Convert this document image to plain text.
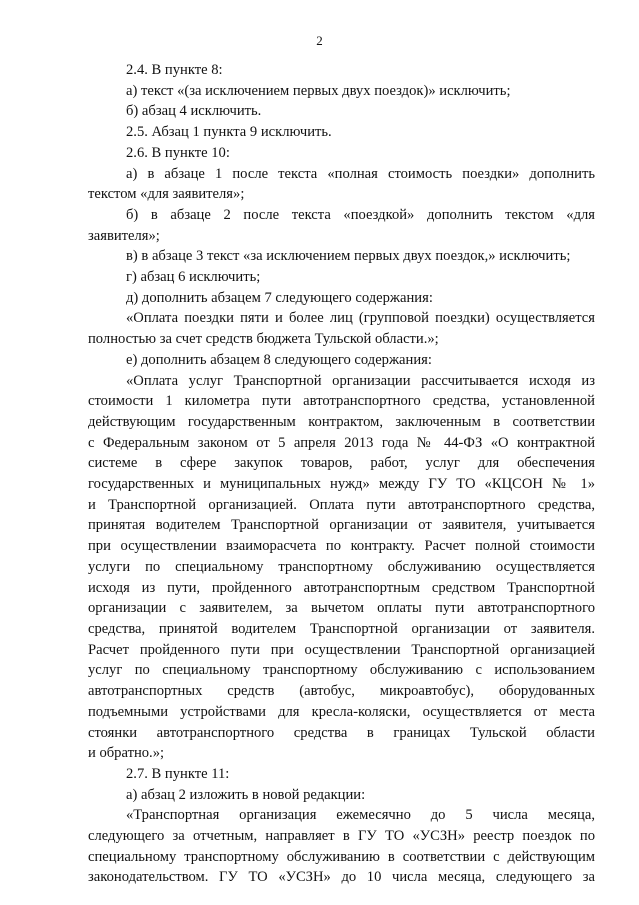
2

2.4. В пункте 8:

а) текст «(за исключением первых двух поездок)» исключить;

б) абзац 4 исключить.

2.5. Абзац 1 пункта 9 исключить.

2.6. В пункте 10:

а) в абзаце 1 после текста «полная стоимость поездки» дополнить

текстом «для заявителя»;

б) в абзаце 2 после текста «поездкой» дополнить текстом «для

заявителя»;

в) в абзаце 3 текст «за исключением первых двух поездок,» исключить;

г) абзац 6 исключить;

д) дополнить абзацем 7 следующего содержания:

«Оплата поездки пяти и более лиц (групповой поездки) осуществляется

полностью за счет средств бюджета Тульской области.»;

е) дополнить абзацем 8 следующего содержания:

«Оплата услуг Транспортной организации рассчитывается исходя из

стоимости 1 километра пути автотранспортного средства, установленной

действующим государственным контрактом, заключенным в соответствии

с Федеральным законом от 5 апреля 2013 года № 44-ФЗ «О контрактной

системе в сфере закупок товаров, работ, услуг для обеспечения

государственных и муниципальных нужд» между ГУ ТО «КЦСОН № 1»

и Транспортной организацией. Оплата пути автотранспортного средства,

принятая водителем Транспортной организации от заявителя, учитывается

при осуществлении взаиморасчета по контракту. Расчет полной стоимости

услуги по специальному транспортному обслуживанию осуществляется

исходя из пути, пройденного автотранспортным средством Транспортной

организации с заявителем, за вычетом оплаты пути автотранспортного

средства, принятой водителем Транспортной организации от заявителя.

Расчет пройденного пути при осуществлении Транспортной организацией

услуг по специальному транспортному обслуживанию с использованием

автотранспортных средств (автобус, микроавтобус), оборудованных

подъемными устройствами для кресла-коляски, осуществляется от места

стоянки автотранспортного средства в границах Тульской области

и обратно.»;

2.7. В пункте 11:

а) абзац 2 изложить в новой редакции:

«Транспортная организация ежемесячно до 5 числа месяца,

следующего за отчетным, направляет в ГУ ТО «УСЗН» реестр поездок по

специальному транспортному обслуживанию в соответствии с действующим

законодательством. ГУ ТО «УСЗН» до 10 числа месяца, следующего за
